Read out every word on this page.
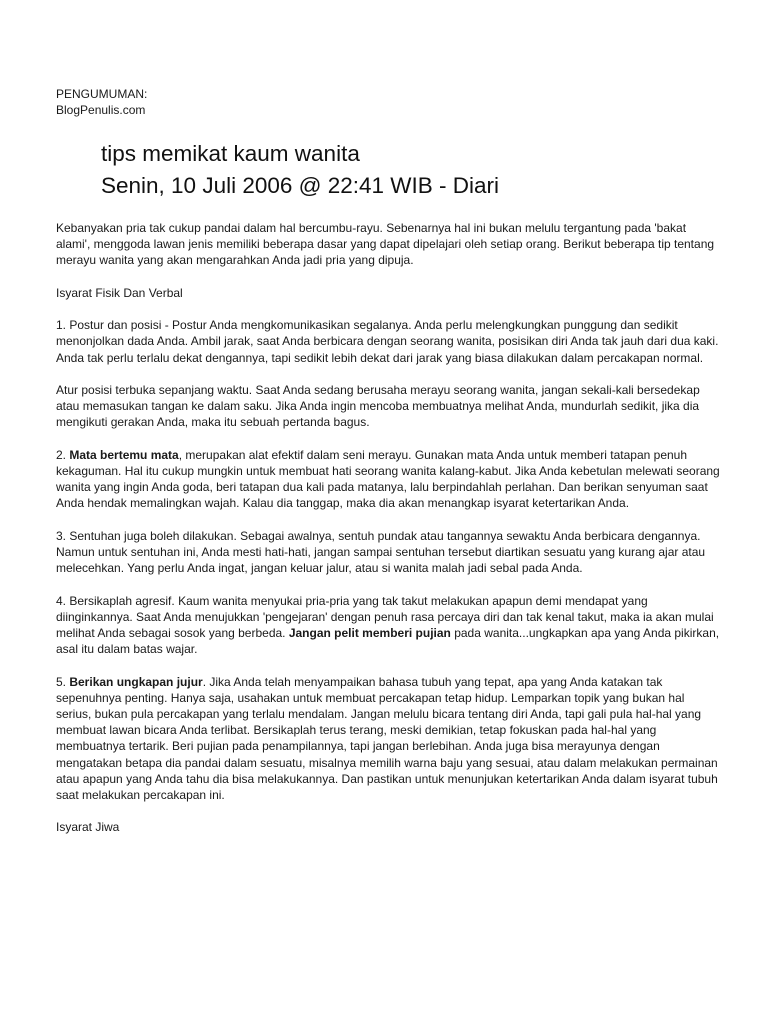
PENGUMUMAN:
BlogPenulis.com
tips memikat kaum wanita
Senin, 10 Juli 2006 @ 22:41 WIB - Diari

Kebanyakan pria tak cukup pandai dalam hal bercumbu-rayu. Sebenarnya hal ini bukan melulu tergantung pada 'bakat alami', menggoda lawan jenis memiliki beberapa dasar yang dapat dipelajari oleh setiap orang. Berikut beberapa tip tentang merayu wanita yang akan mengarahkan Anda jadi pria yang dipuja.

Isyarat Fisik Dan Verbal

1. Postur dan posisi - Postur Anda mengkomunikasikan segalanya. Anda perlu melengkungkan punggung dan sedikit menonjolkan dada Anda. Ambil jarak, saat Anda berbicara dengan seorang wanita, posisikan diri Anda tak jauh dari dua kaki. Anda tak perlu terlalu dekat dengannya, tapi sedikit lebih dekat dari jarak yang biasa dilakukan dalam percakapan normal.

Atur posisi terbuka sepanjang waktu. Saat Anda sedang berusaha merayu seorang wanita, jangan sekali-kali bersedekap atau memasukan tangan ke dalam saku. Jika Anda ingin mencoba membuatnya melihat Anda, mundurlah sedikit, jika dia mengikuti gerakan Anda, maka itu sebuah pertanda bagus.

2. Mata bertemu mata, merupakan alat efektif dalam seni merayu. Gunakan mata Anda untuk memberi tatapan penuh kekaguman. Hal itu cukup mungkin untuk membuat hati seorang wanita kalang-kabut. Jika Anda kebetulan melewati seorang wanita yang ingin Anda goda, beri tatapan dua kali pada matanya, lalu berpindahlah perlahan. Dan berikan senyuman saat Anda hendak memalingkan wajah. Kalau dia tanggap, maka dia akan menangkap isyarat ketertarikan Anda.

3. Sentuhan juga boleh dilakukan. Sebagai awalnya, sentuh pundak atau tangannya sewaktu Anda berbicara dengannya. Namun untuk sentuhan ini, Anda mesti hati-hati, jangan sampai sentuhan tersebut diartikan sesuatu yang kurang ajar atau melecehkan. Yang perlu Anda ingat, jangan keluar jalur, atau si wanita malah jadi sebal pada Anda.

4. Bersikaplah agresif. Kaum wanita menyukai pria-pria yang tak takut melakukan apapun demi mendapat yang diinginkannya. Saat Anda menujukkan 'pengejaran' dengan penuh rasa percaya diri dan tak kenal takut, maka ia akan mulai melihat Anda sebagai sosok yang berbeda. Jangan pelit memberi pujian pada wanita...ungkapkan apa yang Anda pikirkan, asal itu dalam batas wajar.

5. Berikan ungkapan jujur. Jika Anda telah menyampaikan bahasa tubuh yang tepat, apa yang Anda katakan tak sepenuhnya penting. Hanya saja, usahakan untuk membuat percakapan tetap hidup. Lemparkan topik yang bukan hal serius, bukan pula percakapan yang terlalu mendalam. Jangan melulu bicara tentang diri Anda, tapi gali pula hal-hal yang membuat lawan bicara Anda terlibat. Bersikaplah terus terang, meski demikian, tetap fokuskan pada hal-hal yang membuatnya tertarik. Beri pujian pada penampilannya, tapi jangan berlebihan. Anda juga bisa merayunya dengan mengatakan betapa dia pandai dalam sesuatu, misalnya memilih warna baju yang sesuai, atau dalam melakukan permainan atau apapun yang Anda tahu dia bisa melakukannya. Dan pastikan untuk menunjukan ketertarikan Anda dalam isyarat tubuh saat melakukan percakapan ini.

Isyarat Jiwa
